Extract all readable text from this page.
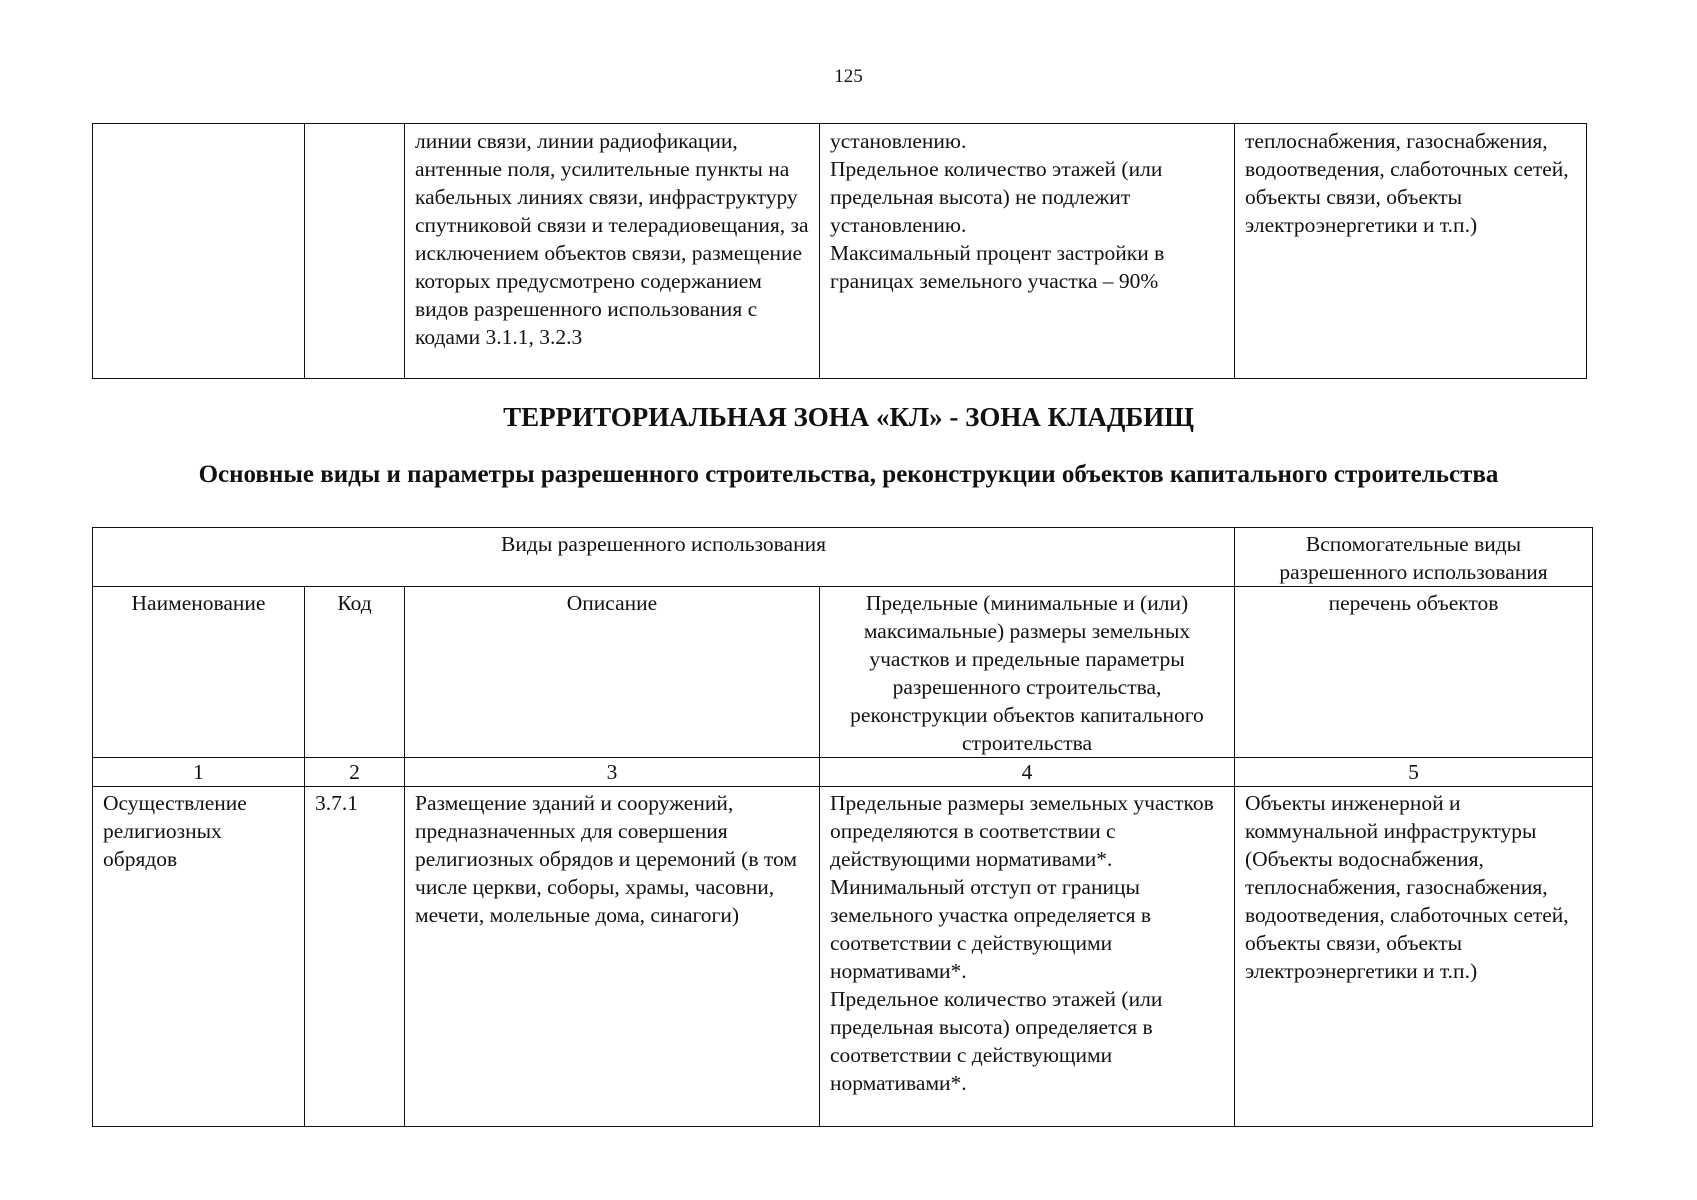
125
		линии связи, линии радиофикации, антенные поля, усилительные пункты на кабельных линиях связи, инфраструктуру спутниковой связи и телерадиовещания, за исключением объектов связи, размещение которых предусмотрено содержанием видов разрешенного использования с кодами 3.1.1, 3.2.3	установлению.
Предельное количество этажей (или предельная высота) не подлежит установлению.
Максимальный процент застройки в границах земельного участка – 90%	теплоснабжения, газоснабжения, водоотведения, слаботочных сетей, объекты связи, объекты электроэнергетики и т.п.)
ТЕРРИТОРИАЛЬНАЯ ЗОНА «КЛ» - ЗОНА КЛАДБИЩ
Основные виды и параметры разрешенного строительства, реконструкции объектов капитального строительства
Виды разрешенного использования				Вспомогательные виды разрешенного использования
Наименование	Код	Описание	Предельные (минимальные и (или) максимальные) размеры земельных участков и предельные параметры разрешенного строительства, реконструкции объектов капитального строительства	перечень объектов
1	2	3	4	5
Осуществление религиозных обрядов	3.7.1	Размещение зданий и сооружений, предназначенных для совершения религиозных обрядов и церемоний (в том числе церкви, соборы, храмы, часовни, мечети, молельные дома, синагоги)	Предельные размеры земельных участков определяются в соответствии с действующими нормативами*.
Минимальный отступ от границы земельного участка определяется в соответствии с действующими нормативами*.
Предельное количество этажей (или предельная высота) определяется в соответствии с действующими нормативами*.	Объекты инженерной и коммунальной инфраструктуры (Объекты водоснабжения, теплоснабжения, газоснабжения, водоотведения, слаботочных сетей, объекты связи, объекты электроэнергетики и т.п.)
